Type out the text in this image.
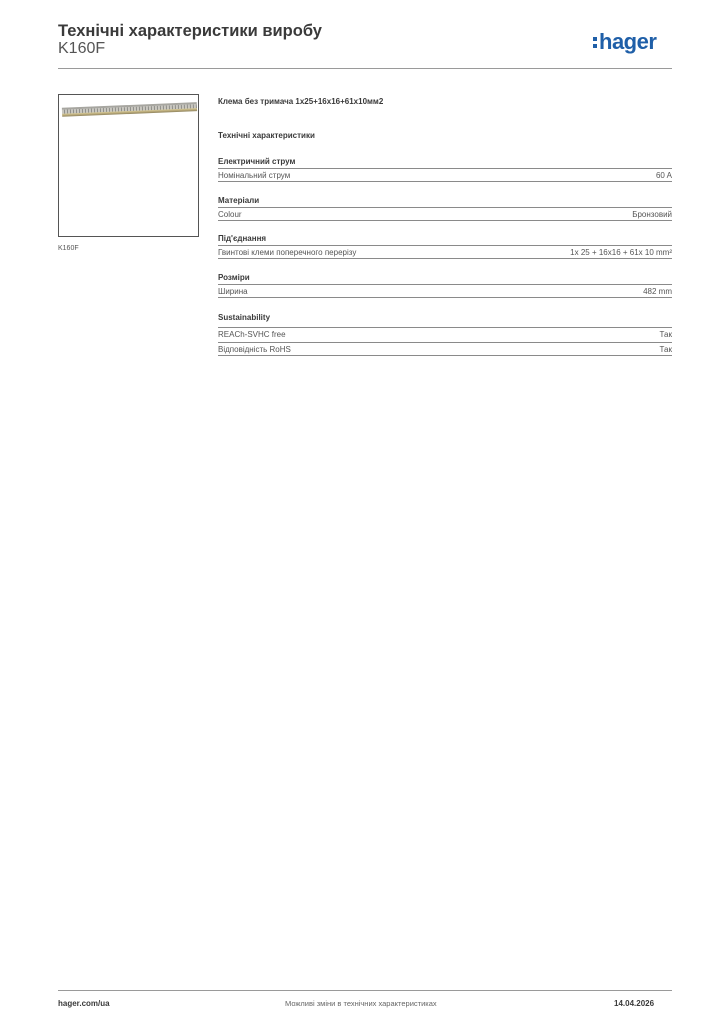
Технічні характеристики виробу
K160F	hager
K160F
Клема без тримача 1x25+16x16+61x10мм2
Технічні характеристики
Електричний струм
Номінальний струм	60 A
Матеріали
Colour	Бронзовий
Під'єднання
Гвинтові клеми поперечного перерізу	1x 25 + 16x16 + 61x 10 mm²
Розміри
Ширина	482 mm
Sustainability
REACh-SVHC free	Так
Відповідність RoHS	Так
hager.com/ua	Можливі зміни в технічних характеристиках	14.04.2026
